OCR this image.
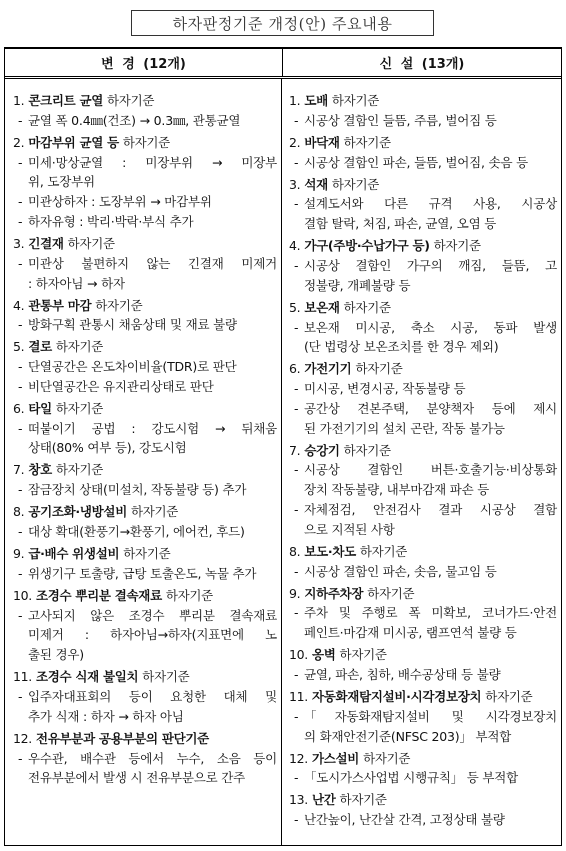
하자판정기준 개정(안) 주요내용
변 경 (12개)	신 설 (13개)
1. 콘크리트 균열 하자기준
- 균열 폭 0.4㎜(건조) → 0.3㎜, 관통균열
2. 마감부위 균열 등 하자기준
- 미세·망상균열 : 미장부위 → 미장부
위, 도장부위
- 미관상하자 : 도장부위 → 마감부위
- 하자유형 : 박리·박락·부식 추가
3. 긴결재 하자기준
- 미관상 불편하지 않는 긴결재 미제거
: 하자아님 → 하자
4. 관통부 마감 하자기준
- 방화구획 관통시 채움상태 및 재료 불량
5. 결로 하자기준
- 단열공간은 온도차이비율(TDR)로 판단
- 비단열공간은 유지관리상태로 판단
6. 타일 하자기준
- 떠붙이기 공법 : 강도시험 → 뒤채움
상태(80% 여부 등), 강도시험
7. 창호 하자기준
- 잠금장치 상태(미설치, 작동불량 등) 추가
8. 공기조화·냉방설비 하자기준
- 대상 확대(환풍기→환풍기, 에어컨, 후드)
9. 급·배수 위생설비 하자기준
- 위생기구 토출량, 급탕 토출온도, 녹물 추가
10. 조경수 뿌리분 결속재료 하자기준
- 고사되지 않은 조경수 뿌리분 결속재료
미제거 : 하자아님→하자(지표면에 노
출된 경우)
11. 조경수 식재 불일치 하자기준
- 입주자대표회의 등이 요청한 대체 및
추가 식재 : 하자 → 하자 아님
12. 전유부분과 공용부분의 판단기준
- 우수관, 배수관 등에서 누수, 소음 등이
전유부분에서 발생 시 전유부분으로 간주
1. 도배 하자기준
- 시공상 결함인 들뜸, 주름, 벌어짐 등
2. 바닥재 하자기준
- 시공상 결함인 파손, 들뜸, 벌어짐, 솟음 등
3. 석재 하자기준
- 설계도서와 다른 규격 사용, 시공상
결함 탈락, 처짐, 파손, 균열, 오염 등
4. 가구(주방·수납가구 등) 하자기준
- 시공상 결함인 가구의 깨짐, 들뜸, 고
정불량, 개폐불량 등
5. 보온재 하자기준
- 보온재 미시공, 축소 시공, 동파 발생
(단 법령상 보온조치를 한 경우 제외)
6. 가전기기 하자기준
- 미시공, 변경시공, 작동불량 등
- 공간상 견본주택, 분양책자 등에 제시
된 가전기기의 설치 곤란, 작동 불가능
7. 승강기 하자기준
- 시공상 결함인 버튼·호출기능·비상통화
장치 작동불량, 내부마감재 파손 등
- 자체점검, 안전검사 결과 시공상 결함
으로 지적된 사항
8. 보도·차도 하자기준
- 시공상 결함인 파손, 솟음, 물고임 등
9. 지하주차장 하자기준
- 주차 및 주행로 폭 미확보, 코너가드·안전
페인트·마감재 미시공, 램프연석 불량 등
10. 옹벽 하자기준
- 균열, 파손, 침하, 배수공상태 등 불량
11. 자동화재탐지설비·시각경보장치 하자기준
- 「자동화재탐지설비 및 시각경보장치
의 화재안전기준(NFSC 203)」 부적합
12. 가스설비 하자기준
- 「도시가스사업법 시행규칙」 등 부적합
13. 난간 하자기준
- 난간높이, 난간살 간격, 고정상태 불량
